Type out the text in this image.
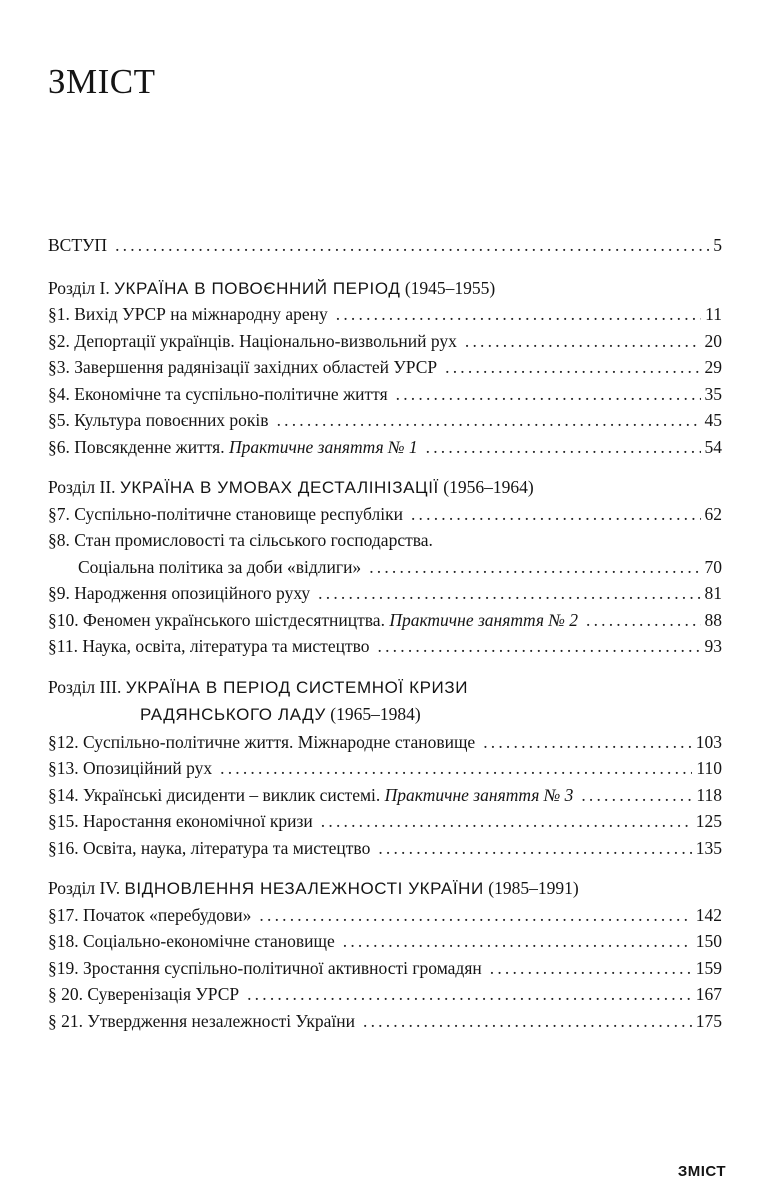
ЗМІСТ
ВСТУП .....	5
Розділ I. УКРАЇНА В ПОВОЄННИЙ ПЕРІОД (1945–1955)
§1. Вихід УРСР на міжнародну арену .....	11
§2. Депортації українців. Національно-визвольний рух .....	20
§3. Завершення радянізації західних областей УРСР .....	29
§4. Економічне та суспільно-політичне життя .....	35
§5. Культура повоєнних років .....	45
§6. Повсякденне життя. Практичне заняття № 1 .....	54
Розділ II. УКРАЇНА В УМОВАХ ДЕСТАЛІНІЗАЦІЇ (1956–1964)
§7. Суспільно-політичне становище республіки .....	62
§8. Стан промисловості та сільського господарства.
Соціальна політика за доби «відлиги» .....	70
§9. Народження опозиційного руху .....	81
§10. Феномен українського шістдесятництва. Практичне заняття № 2 .....	88
§11. Наука, освіта, література та мистецтво .....	93
Розділ III. УКРАЇНА В ПЕРІОД СИСТЕМНОЇ КРИЗИ
РАДЯНСЬКОГО ЛАДУ (1965–1984)
§12. Суспільно-політичне життя. Міжнародне становище .....	103
§13. Опозиційний рух .....	110
§14. Українські дисиденти – виклик системі. Практичне заняття № 3 .....	118
§15. Наростання економічної кризи .....	125
§16. Освіта, наука, література та мистецтво .....	135
Розділ IV. ВІДНОВЛЕННЯ НЕЗАЛЕЖНОСТІ УКРАЇНИ (1985–1991)
§17. Початок «перебудови» .....	142
§18. Соціально-економічне становище .....	150
§19. Зростання суспільно-політичної активності громадян .....	159
§ 20. Суверенізація УРСР .....	167
§ 21. Утвердження незалежності України .....	175
ЗМІСТ
